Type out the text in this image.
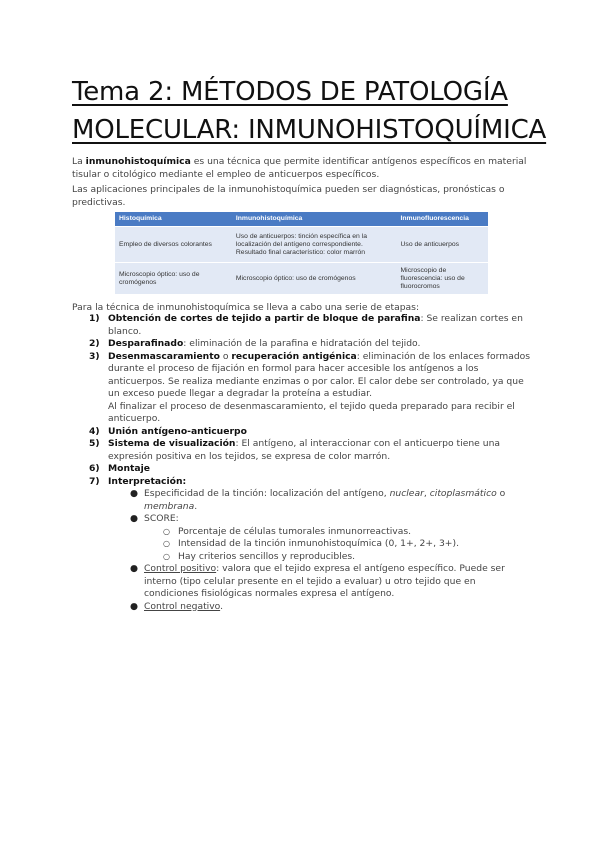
Tema 2: MÉTODOS DE PATOLOGÍA
MOLECULAR: INMUNOHISTOQUÍMICA
La inmunohistoquímica es una técnica que permite identificar antígenos específicos en material tisular o citológico mediante el empleo de anticuerpos específicos.
Las aplicaciones principales de la inmunohistoquímica pueden ser diagnósticas, pronósticas o predictivas.
Histoquímica	Inmunohistoquímica	Inmunofluorescencia
Empleo de diversos colorantes	Uso de anticuerpos: tinción específica en la localización del antígeno correspondiente. Resultado final característico: color marrón	Uso de anticuerpos
Microscopio óptico: uso de cromógenos	Microscopio óptico: uso de cromógenos	Microscopio de fluorescencia: uso de fluorocromos
Para la técnica de inmunohistoquímica se lleva a cabo una serie de etapas:
1) Obtención de cortes de tejido a partir de bloque de parafina: Se realizan cortes en blanco.
2) Desparafinado: eliminación de la parafina e hidratación del tejido.
3) Desenmascaramiento o recuperación antigénica: eliminación de los enlaces formados durante el proceso de fijación en formol para hacer accesible los antígenos a los anticuerpos. Se realiza mediante enzimas o por calor. El calor debe ser controlado, ya que un exceso puede llegar a degradar la proteína a estudiar.
Al finalizar el proceso de desenmascaramiento, el tejido queda preparado para recibir el anticuerpo.
4) Unión antígeno-anticuerpo
5) Sistema de visualización: El antígeno, al interaccionar con el anticuerpo tiene una expresión positiva en los tejidos, se expresa de color marrón.
6) Montaje
7) Interpretación:
● Especificidad de la tinción: localización del antígeno, nuclear, citoplasmático o membrana.
● SCORE:
○ Porcentaje de células tumorales inmunorreactivas.
○ Intensidad de la tinción inmunohistoquímica (0, 1+, 2+, 3+).
○ Hay criterios sencillos y reproducibles.
● Control positivo: valora que el tejido expresa el antígeno específico. Puede ser interno (tipo celular presente en el tejido a evaluar) u otro tejido que en condiciones fisiológicas normales expresa el antígeno.
● Control negativo.
